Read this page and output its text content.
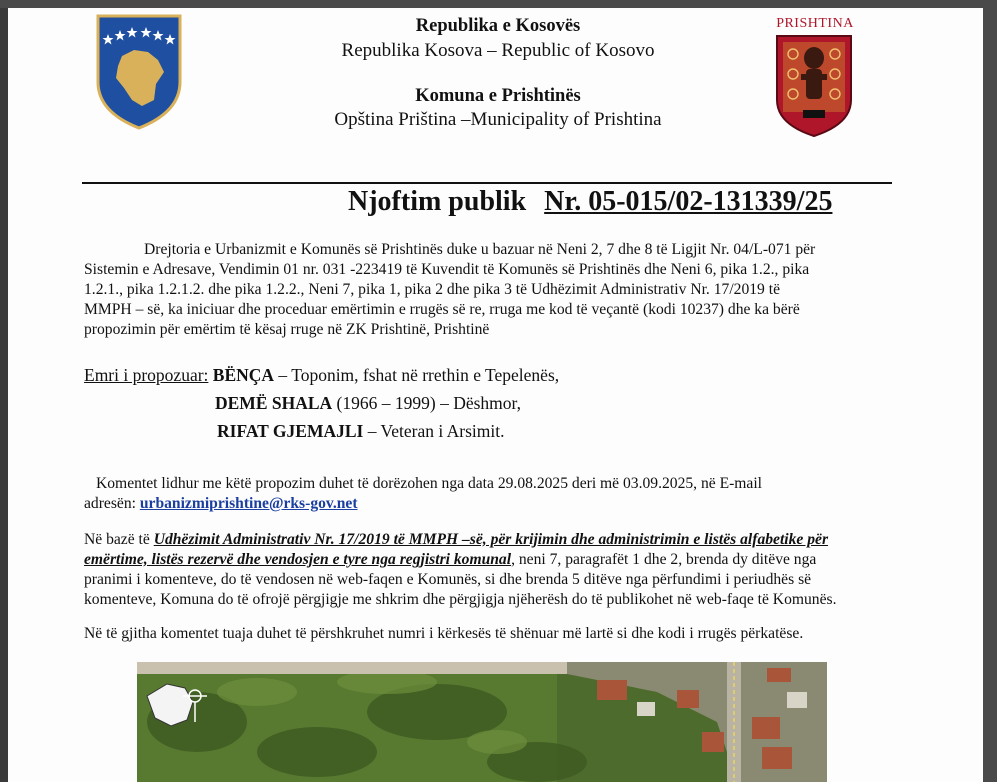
PRISHTINA
Republika e Kosovës
Republika Kosova – Republic of Kosovo
Komuna e Prishtinës
Opština Priština –Municipality of Prishtina
Njoftim publik Nr. 05-015/02-131339/25
Drejtoria e Urbanizmit e Komunës së Prishtinës duke u bazuar në Neni 2, 7 dhe 8 të Ligjit Nr. 04/L-071 për
Sistemin e Adresave, Vendimin 01 nr. 031 -223419 të Kuvendit të Komunës së Prishtinës dhe Neni 6, pika 1.2., pika
1.2.1., pika 1.2.1.2. dhe pika 1.2.2., Neni 7, pika 1, pika 2 dhe pika 3 të Udhëzimit Administrativ Nr. 17/2019 të
MMPH – së, ka iniciuar dhe proceduar emërtimin e rrugës së re, rruga me kod të veçantë (kodi 10237) dhe ka bërë
propozimin për emërtim të kësaj rruge në ZK Prishtinë, Prishtinë
Emri i propozuar: BËNÇA – Toponim, fshat në rrethin e Tepelenës,
DEMË SHALA (1966 – 1999) – Dëshmor,
RIFAT GJEMAJLI – Veteran i Arsimit.
Komentet lidhur me këtë propozim duhet të dorëzohen nga data 29.08.2025 deri më 03.09.2025, në E-mail
adresën: urbanizmiprishtine@rks-gov.net
Në bazë të Udhëzimit Administrativ Nr. 17/2019 të MMPH –së, për krijimin dhe administrimin e listës alfabetike për
emërtime, listës rezervë dhe vendosjen e tyre nga regjistri komunal, neni 7, paragrafët 1 dhe 2, brenda dy ditëve nga
pranimi i komenteve, do të vendosen në web-faqen e Komunës, si dhe brenda 5 ditëve nga përfundimi i periudhës së
komenteve, Komuna do të ofrojë përgjigje me shkrim dhe përgjigja njëherësh do të publikohet në web-faqe të Komunës.
Në të gjitha komentet tuaja duhet të përshkruhet numri i kërkesës të shënuar më lartë si dhe kodi i rrugës përkatëse.
